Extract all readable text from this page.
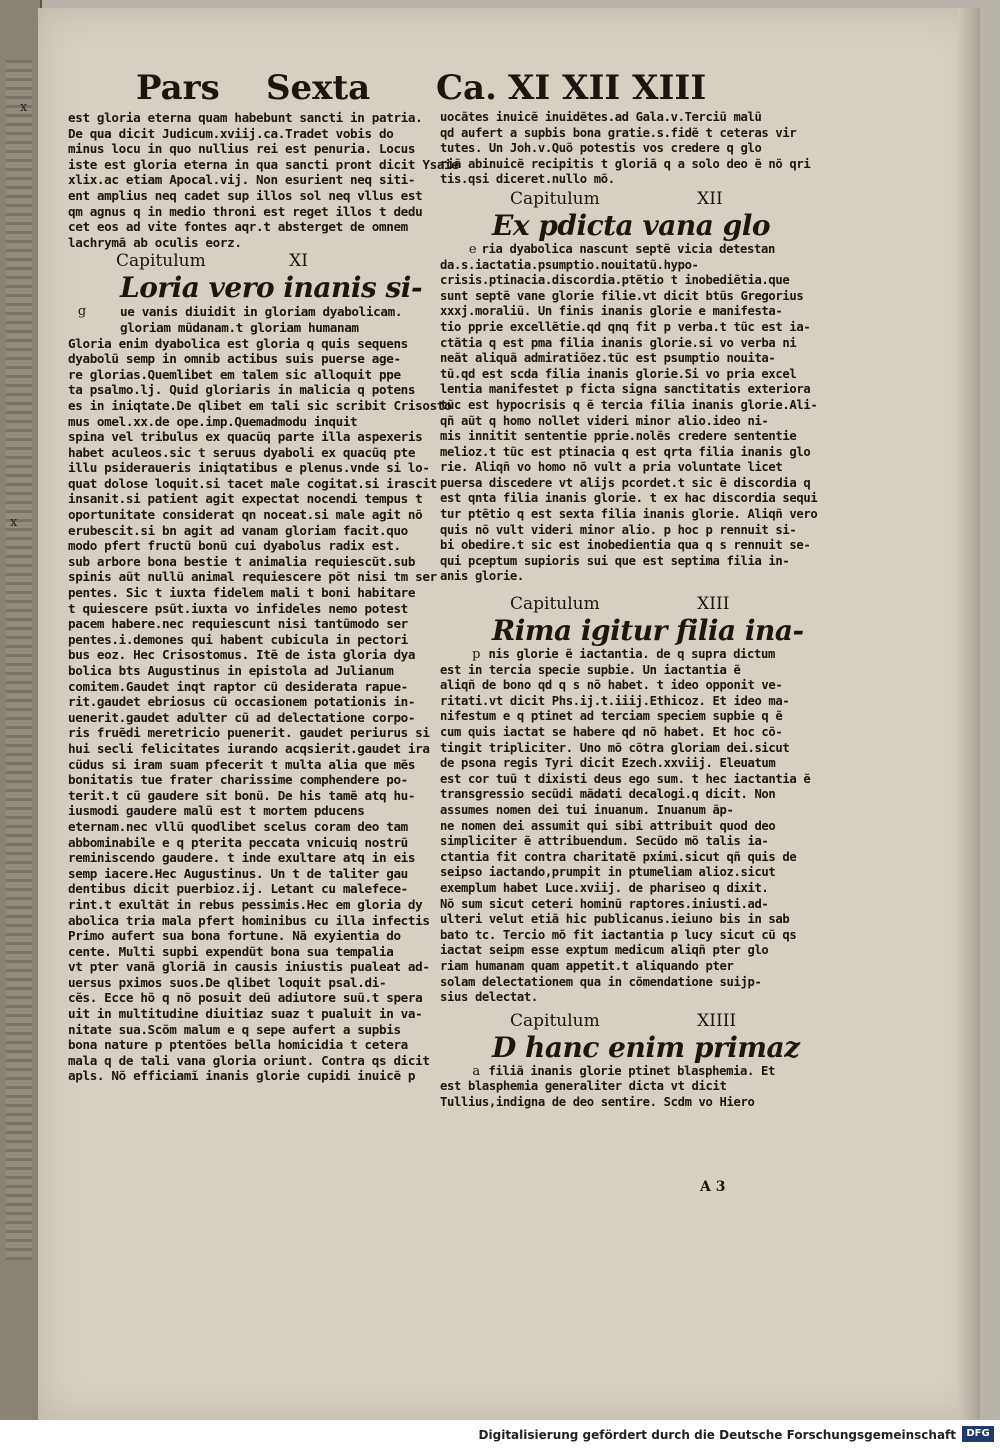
x
x
Pars Sexta Ca. XI XII XIII
est gloria eterna quam habebunt sancti in patria.
De qua dicit Judicum.xviij.ca.Tradet vobis do
minus locu in quo nullius rei est penuria. Locus
iste est gloria eterna in qua sancti pront dicit Ysaie
xlix.ac etiam Apocal.vij. Non esurient neq siti-
ent amplius neq cadet sup illos sol neq vllus est
qm agnus q in medio throni est reget illos t dedu
cet eos ad vite fontes aqr.t absterget de omnem
lachrymã ab oculis eorz.
Capitulum	XI
Loria vero inanis si-
g	ue vanis diuidit in gloriam dyabolicam.
gloriam mũdanam.t gloriam humanam
Gloria enim dyabolica est gloria q quis sequens
dyabolũ semp in omnib actibus suis puerse age-
re glorias.Quemlibet em talem sic alloquit ppe
ta psalmo.lj. Quid gloriaris in malicia q potens
es in iniqtate.De qlibet em tali sic scribit Crisosto
mus omel.xx.de ope.imp.Quemadmodu inquit
spina vel tribulus ex quacũq parte illa aspexeris
habet aculeos.sic t seruus dyaboli ex quacũq pte
illu psideraueris iniqtatibus e plenus.vnde si lo-
quat dolose loquit.si tacet male cogitat.si irascit
insanit.si patient agit expectat nocendi tempus t
oportunitate considerat qn noceat.si male agit nõ
erubescit.si bn agit ad vanam gloriam facit.quo
modo pfert fructũ bonũ cui dyabolus radix est.
sub arbore bona bestie t animalia requiescũt.sub
spinis aũt nullũ animal requiescere põt nisi tm ser
pentes. Sic t iuxta fidelem mali t boni habitare
t quiescere psũt.iuxta vo infideles nemo potest
pacem habere.nec requiescunt nisi tantũmodo ser
pentes.i.demones qui habent cubicula in pectori
bus eoz. Hec Crisostomus. Itẽ de ista gloria dya
bolica bts Augustinus in epistola ad Julianum
comitem.Gaudet inqt raptor cũ desiderata rapue-
rit.gaudet ebriosus cũ occasionem potationis in-
uenerit.gaudet adulter cũ ad delectatione corpo-
ris fruẽdi meretricio puenerit. gaudet periurus si
hui secli felicitates iurando acqsierit.gaudet ira
cũdus si iram suam pfecerit t multa alia que mẽs
bonitatis tue frater charissime comphendere po-
terit.t cũ gaudere sit bonũ. De his tamẽ atq hu-
iusmodi gaudere malũ est t mortem pducens
eternam.nec vllũ quodlibet scelus coram deo tam
abbominabile e q pterita peccata vnicuiq nostrũ
reminiscendo gaudere. t inde exultare atq in eis
semp iacere.Hec Augustinus. Un t de taliter gau
dentibus dicit puerbioz.ij. Letant cu malefece-
rint.t exultãt in rebus pessimis.Hec em gloria dy
abolica tria mala pfert hominibus cu illa infectis
Primo aufert sua bona fortune. Nã exyientia do
cente. Multi supbi expendũt bona sua tempalia
vt pter vanã gloriã in causis iniustis pualeat ad-
uersus pximos suos.De qlibet loquit psal.di-
cẽs. Ecce hõ q nõ posuit deũ adiutore suũ.t spera
uit in multitudine diuitiaz suaz t pualuit in va-
nitate sua.Scõm malum e q sepe aufert a supbis
bona nature p ptentões bella homicidia t cetera
mala q de tali vana gloria oriunt. Contra qs dicit
apls. Nõ efficiamĩ inanis glorie cupidi inuicẽ p
uocãtes inuicẽ inuidẽtes.ad Gala.v.Terciũ malũ
qd aufert a supbis bona gratie.s.fidẽ t ceteras vir
tutes. Un Joh.v.Quõ potestis vos credere q glo
riã abinuicẽ recipitis t gloriã q a solo deo ẽ nõ qri
tis.qsi diceret.nullo mõ.
Capitulum	XII
Ex pdicta vana glo
e ria dyabolica nascunt septẽ vicia detestan
da.s.iactatia.psumptio.nouitatũ.hypo-
crisis.ptinacia.discordia.ptẽtio t inobediẽtia.que
sunt septẽ vane glorie filie.vt dicit btũs Gregorius
xxxj.moraliũ. Un finis inanis glorie e manifesta-
tio pprie excellẽtie.qd qnq fit p verba.t tũc est ia-
ctãtia q est pma filia inanis glorie.si vo verba ni
neãt aliquã admiratiõez.tũc est psumptio nouita-
tũ.qd est scda filia inanis glorie.Si vo pria excel
lentia manifestet p ficta signa sanctitatis exteriora
tũc est hypocrisis q ẽ tercia filia inanis glorie.Ali-
qñ aũt q homo nollet videri minor alio.ideo ni-
mis innitit sententie pprie.nolẽs credere sententie
melioz.t tũc est ptinacia q est qrta filia inanis glo
rie. Aliqñ vo homo nõ vult a pria voluntate licet
puersa discedere vt alijs pcordet.t sic ẽ discordia q
est qnta filia inanis glorie. t ex hac discordia sequi
tur ptẽtio q est sexta filia inanis glorie. Aliqñ vero
quis nõ vult videri minor alio. p hoc p rennuit si-
bi obedire.t sic est inobedientia qua q s rennuit se-
qui pceptum supioris sui que est septima filia in-
anis glorie.
Capitulum	XIII
Rima igitur filia ina-
p nis glorie ẽ iactantia. de q supra dictum
est in tercia specie supbie. Un iactantia ẽ
aliqñ de bono qd q s nõ habet. t ideo opponit ve-
ritati.vt dicit Phs.ij.t.iiij.Ethicoz. Et ideo ma-
nifestum e q ptinet ad terciam speciem supbie q ẽ
cum quis iactat se habere qd nõ habet. Et hoc cõ-
tingit tripliciter. Uno mõ cõtra gloriam dei.sicut
de psona regis Tyri dicit Ezech.xxviij. Eleuatum
est cor tuũ t dixisti deus ego sum. t hec iactantia ẽ
transgressio secũdi mãdati decalogi.q dicit. Non
assumes nomen dei tui inuanum. Inuanum ãp-
ne nomen dei assumit qui sibi attribuit quod deo
simpliciter ẽ attribuendum. Secũdo mõ talis ia-
ctantia fit contra charitatẽ pximi.sicut qñ quis de
seipso iactando,prumpit in ptumeliam alioz.sicut
exemplum habet Luce.xviij. de phariseo q dixit.
Nõ sum sicut ceteri hominũ raptores.iniusti.ad-
ulteri velut etiã hic publicanus.ieiuno bis in sab
bato tc. Tercio mõ fit iactantia p lucy sicut cũ qs
iactat seipm esse exptum medicum aliqñ pter glo
riam humanam quam appetit.t aliquando pter
solam delectationem qua in cõmendatione suijp-
sius delectat.
Capitulum	XIIII
D hanc enim primaz
a filiã inanis glorie ptinet blasphemia. Et
est blasphemia generaliter dicta vt dicit
Tullius,indigna de deo sentire. Scdm vo Hiero
A 3
Digitalisierung gefördert durch die Deutsche Forschungsgemeinschaft	DFG
